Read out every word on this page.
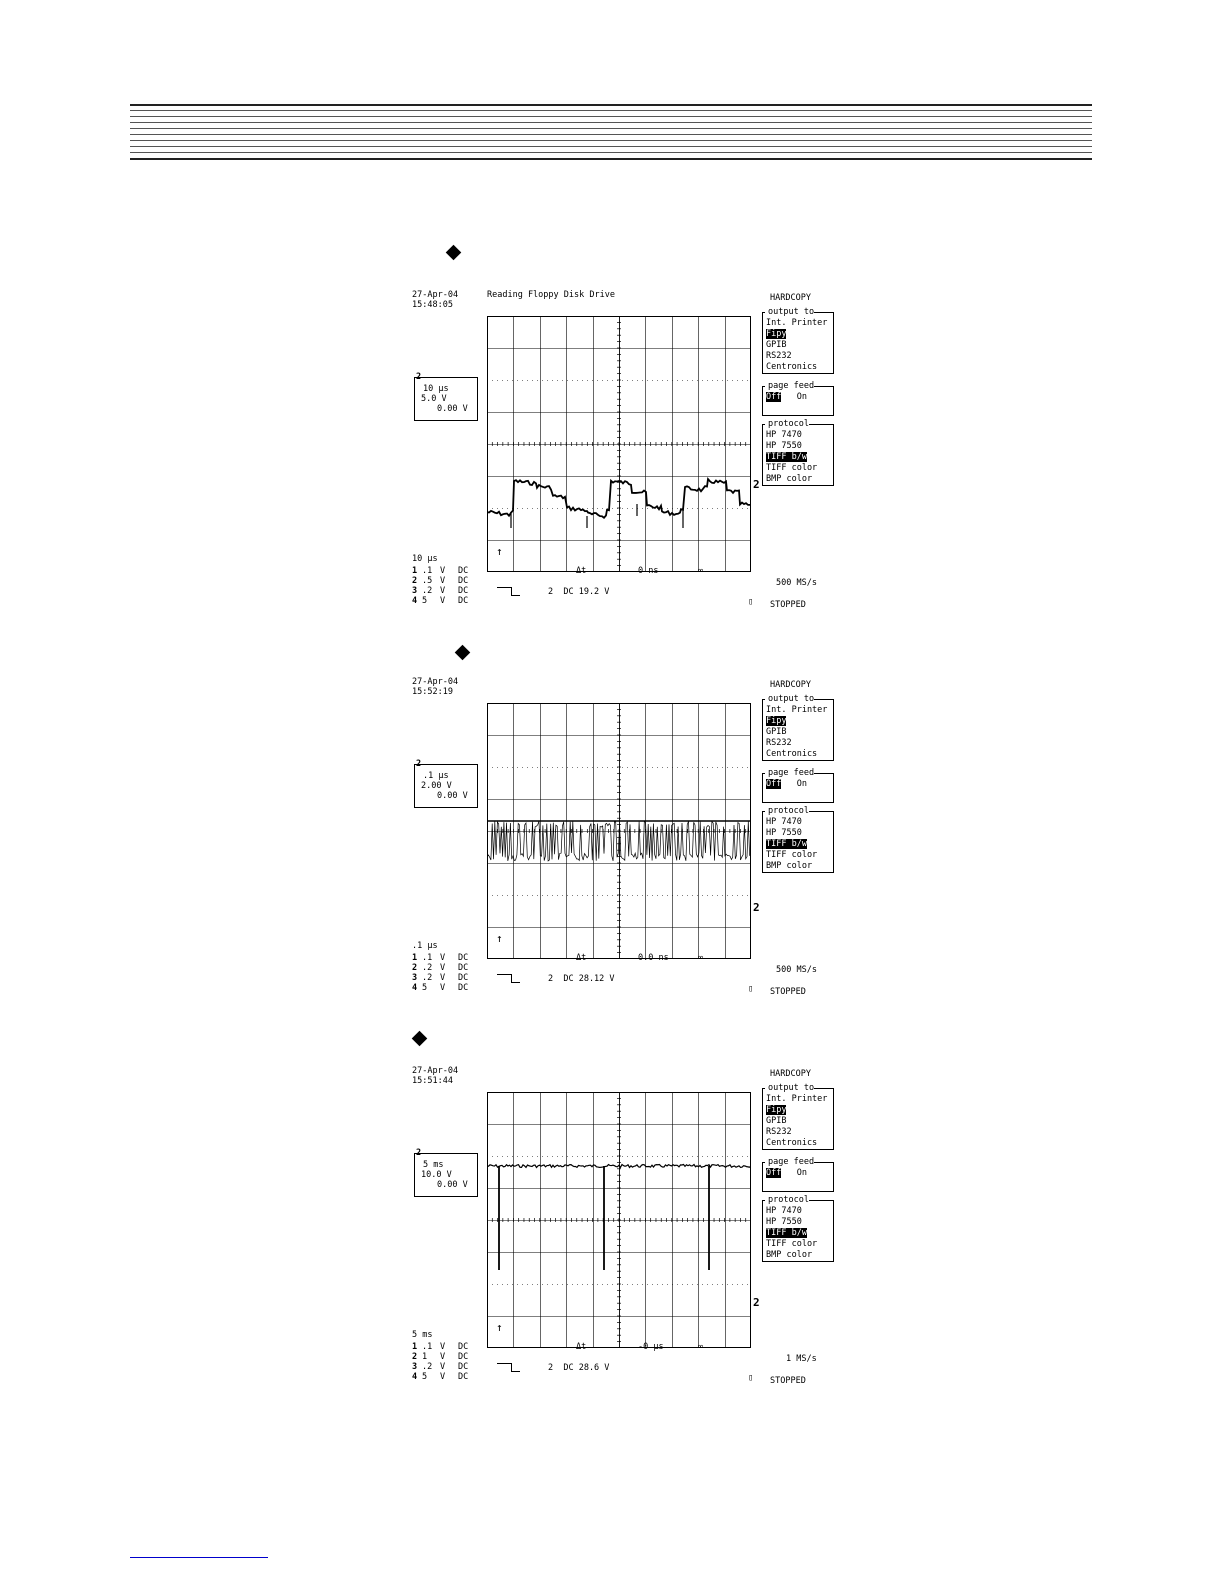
27-Apr-04
15:48:05
Reading Floppy Disk Drive
2
10 µs
5.0 V
0.00 V
2
↑
10 µs
1 .1 V DC
2 .5 V DC
3 .2 V DC
4 5 V DC
Δt	0 ns	∞
2  DC 19.2 V
500 MS/s
▯ STOPPED
HARDCOPY
output to
Int. Printer
Fipy
GPIB
RS232
Centronics
page feed
Off   On
protocol
HP 7470
HP 7550
TIFF b/w
TIFF color
BMP color
27-Apr-04
15:52:19
2
.1 µs
2.00 V
0.00 V
2
↑
.1 µs
1 .1 V DC
2 .2 V DC
3 .2 V DC
4 5 V DC
Δt	0.0 ns	∞
2  DC 28.12 V
500 MS/s
▯ STOPPED
HARDCOPY
output to
Int. Printer
Fipy
GPIB
RS232
Centronics
page feed
Off   On
protocol
HP 7470
HP 7550
TIFF b/w
TIFF color
BMP color
27-Apr-04
15:51:44
2
5 ms
10.0 V
0.00 V
2
↑
5 ms
1 .1 V DC
2 1 V DC
3 .2 V DC
4 5 V DC
Δt	-0 µs	∞
2  DC 28.6 V
1 MS/s
▯ STOPPED
HARDCOPY
output to
Int. Printer
Fipy
GPIB
RS232
Centronics
page feed
Off   On
protocol
HP 7470
HP 7550
TIFF b/w
TIFF color
BMP color
